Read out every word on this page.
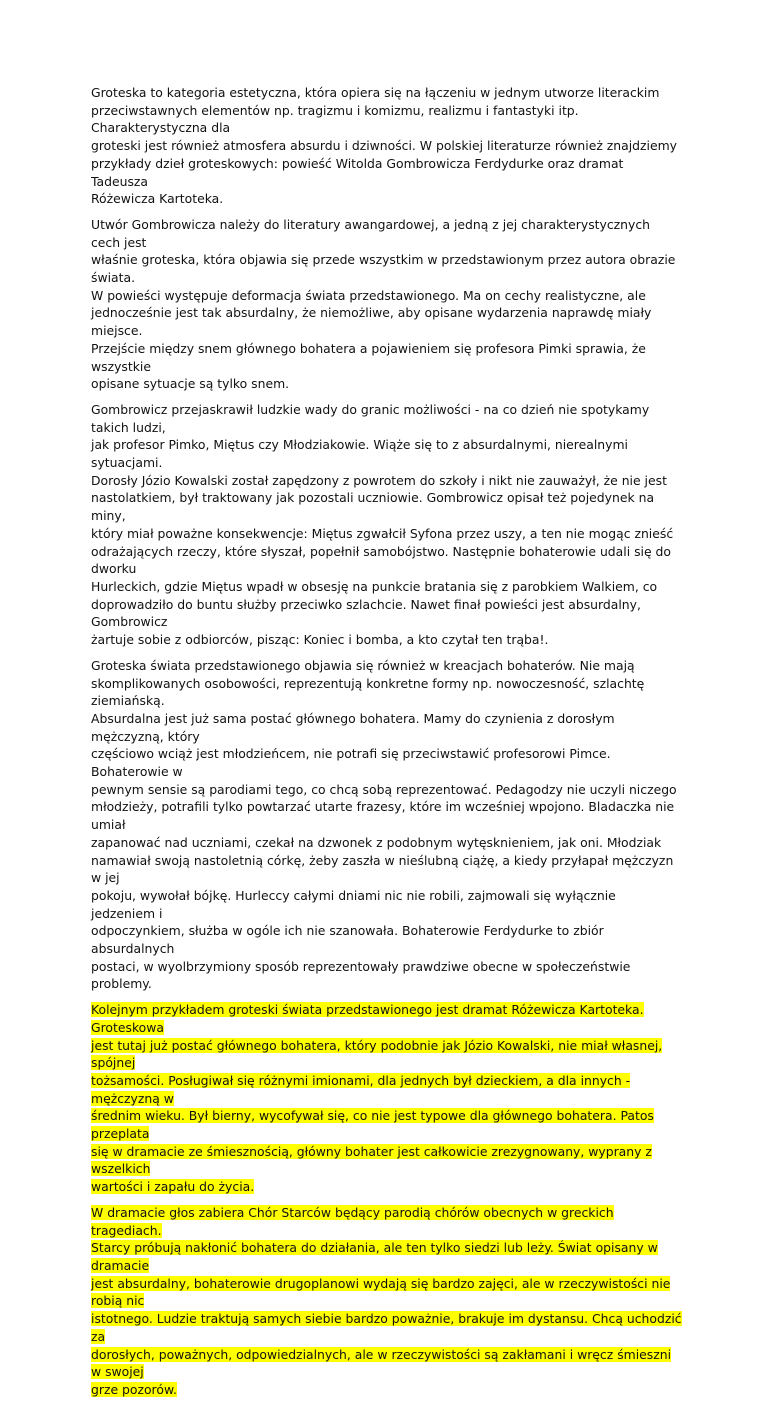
Groteska to kategoria estetyczna, która opiera się na łączeniu w jednym utworze literackim
przeciwstawnych elementów np. tragizmu i komizmu, realizmu i fantastyki itp. Charakterystyczna dla
groteski jest również atmosfera absurdu i dziwności. W polskiej literaturze również znajdziemy
przykłady dzieł groteskowych: powieść Witolda Gombrowicza Ferdydurke oraz dramat Tadeusza
Różewicza Kartoteka.

Utwór Gombrowicza należy do literatury awangardowej, a jedną z jej charakterystycznych cech jest
właśnie groteska, która objawia się przede wszystkim w przedstawionym przez autora obrazie świata.
W powieści występuje deformacja świata przedstawionego. Ma on cechy realistyczne, ale
jednocześnie jest tak absurdalny, że niemożliwe, aby opisane wydarzenia naprawdę miały miejsce.
Przejście między snem głównego bohatera a pojawieniem się profesora Pimki sprawia, że wszystkie
opisane sytuacje są tylko snem.

Gombrowicz przejaskrawił ludzkie wady do granic możliwości - na co dzień nie spotykamy takich ludzi,
jak profesor Pimko, Miętus czy Młodziakowie. Wiąże się to z absurdalnymi, nierealnymi sytuacjami.
Dorosły Józio Kowalski został zapędzony z powrotem do szkoły i nikt nie zauważył, że nie jest
nastolatkiem, był traktowany jak pozostali uczniowie. Gombrowicz opisał też pojedynek na miny,
który miał poważne konsekwencje: Miętus zgwałcił Syfona przez uszy, a ten nie mogąc znieść
odrażających rzeczy, które słyszał, popełnił samobójstwo. Następnie bohaterowie udali się do dworku
Hurleckich, gdzie Miętus wpadł w obsesję na punkcie bratania się z parobkiem Walkiem, co
doprowadziło do buntu służby przeciwko szlachcie. Nawet finał powieści jest absurdalny, Gombrowicz
żartuje sobie z odbiorców, pisząc: Koniec i bomba, a kto czytał ten trąba!.

Groteska świata przedstawionego objawia się również w kreacjach bohaterów. Nie mają
skomplikowanych osobowości, reprezentują konkretne formy np. nowoczesność, szlachtę ziemiańską.
Absurdalna jest już sama postać głównego bohatera. Mamy do czynienia z dorosłym mężczyzną, który
częściowo wciąż jest młodzieńcem, nie potrafi się przeciwstawić profesorowi Pimce. Bohaterowie w
pewnym sensie są parodiami tego, co chcą sobą reprezentować. Pedagodzy nie uczyli niczego
młodzieży, potrafili tylko powtarzać utarte frazesy, które im wcześniej wpojono. Bladaczka nie umiał
zapanować nad uczniami, czekał na dzwonek z podobnym wytęsknieniem, jak oni. Młodziak
namawiał swoją nastoletnią córkę, żeby zaszła w nieślubną ciążę, a kiedy przyłapał mężczyzn w jej
pokoju, wywołał bójkę. Hurleccy całymi dniami nic nie robili, zajmowali się wyłącznie jedzeniem i
odpoczynkiem, służba w ogóle ich nie szanowała. Bohaterowie Ferdydurke to zbiór absurdalnych
postaci, w wyolbrzymiony sposób reprezentowały prawdziwe obecne w społeczeństwie problemy.

Kolejnym przykładem groteski świata przedstawionego jest dramat Różewicza Kartoteka. Groteskowa
jest tutaj już postać głównego bohatera, który podobnie jak Józio Kowalski, nie miał własnej, spójnej
tożsamości. Posługiwał się różnymi imionami, dla jednych był dzieckiem, a dla innych - mężczyzną w
średnim wieku. Był bierny, wycofywał się, co nie jest typowe dla głównego bohatera. Patos przeplata
się w dramacie ze śmiesznością, główny bohater jest całkowicie zrezygnowany, wyprany z wszelkich
wartości i zapału do życia.

W dramacie głos zabiera Chór Starców będący parodią chórów obecnych w greckich tragediach.
Starcy próbują nakłonić bohatera do działania, ale ten tylko siedzi lub leży. Świat opisany w dramacie
jest absurdalny, bohaterowie drugoplanowi wydają się bardzo zajęci, ale w rzeczywistości nie robią nic
istotnego. Ludzie traktują samych siebie bardzo poważnie, brakuje im dystansu. Chcą uchodzić za
dorosłych, poważnych, odpowiedzialnych, ale w rzeczywistości są zakłamani i wręcz śmieszni w swojej
grze pozorów.
